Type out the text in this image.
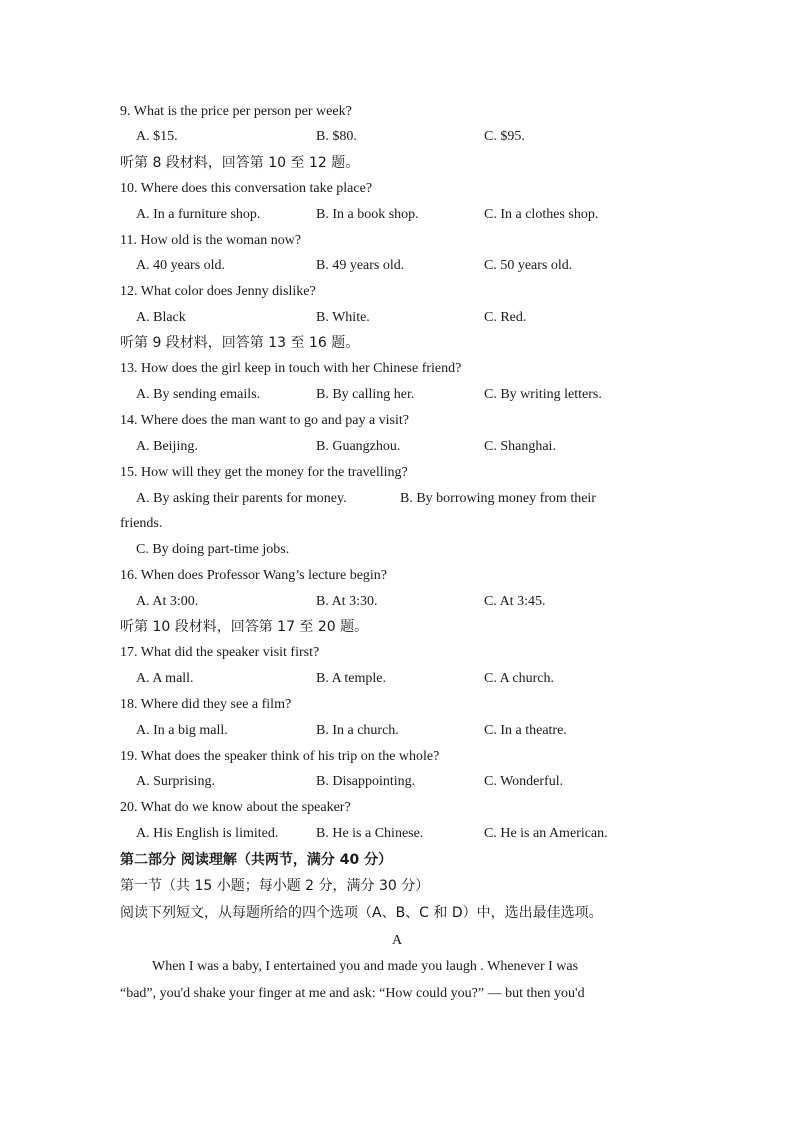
9. What is the price per person per week?
A. $15.	B. $80.	C. $95.
听第 8 段材料，回答第 10 至 12 题。
10. Where does this conversation take place?
A. In a furniture shop.	B. In a book shop.	C. In a clothes shop.
11. How old is the woman now?
A. 40 years old.	B. 49 years old.	C. 50 years old.
12. What color does Jenny dislike?
A. Black	B. White.	C. Red.
听第 9 段材料，回答第 13 至 16 题。
13. How does the girl keep in touch with her Chinese friend?
A. By sending emails.	B. By calling her.	C. By writing letters.
14. Where does the man want to go and pay a visit?
A. Beijing.	B. Guangzhou.	C. Shanghai.
15. How will they get the money for the travelling?
A. By asking their parents for money.	B. By borrowing money from their
friends.
C. By doing part-time jobs.
16. When does Professor Wang’s lecture begin?
A. At 3:00.	B. At 3:30.	C. At 3:45.
听第 10 段材料，回答第 17 至 20 题。
17. What did the speaker visit first?
A. A mall.	B. A temple.	C. A church.
18. Where did they see a film?
A. In a big mall.	B. In a church.	C. In a theatre.
19. What does the speaker think of his trip on the whole?
A. Surprising.	B. Disappointing.	C. Wonderful.
20. What do we know about the speaker?
A. His English is limited.	B. He is a Chinese.	C. He is an American.
第二部分 阅读理解（共两节，满分 40 分）
第一节（共 15 小题；每小题 2 分，满分 30 分）
阅读下列短文，从每题所给的四个选项（A、B、C 和 D）中，选出最佳选项。
A
When I was a baby, I entertained you and made you laugh . Whenever I was
“bad”, you'd shake your finger at me and ask: “How could you?” — but then you'd
